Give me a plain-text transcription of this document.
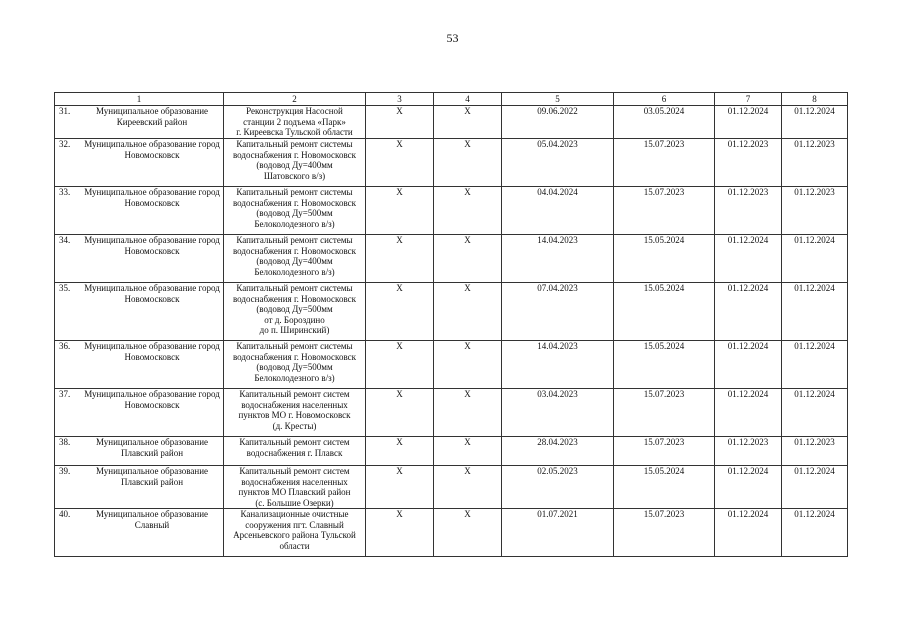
53
1	2	3	4	5	6	7	8
31. Муниципальное образование Киреевский район	Реконструкция Насосной
станции 2 подъема «Парк»
г. Киреевска Тульской области	Х	Х	09.06.2022	03.05.2024	01.12.2024	01.12.2024
32. Муниципальное образование город Новомосковск	Капитальный ремонт системы
водоснабжения г. Новомосковск
(водовод Ду=400мм
Шатовского в/з)	Х	Х	05.04.2023	15.07.2023	01.12.2023	01.12.2023
33. Муниципальное образование город Новомосковск	Капитальный ремонт системы
водоснабжения г. Новомосковск
(водовод Ду=500мм
Белоколодезного в/з)	Х	Х	04.04.2024	15.07.2023	01.12.2023	01.12.2023
34. Муниципальное образование город Новомосковск	Капитальный ремонт системы
водоснабжения г. Новомосковск
(водовод Ду=400мм
Белоколодезного в/з)	Х	Х	14.04.2023	15.05.2024	01.12.2024	01.12.2024
35. Муниципальное образование город Новомосковск	Капитальный ремонт системы
водоснабжения г. Новомосковск
(водовод Ду=500мм
от д. Бороздино
до п. Ширинский)	Х	Х	07.04.2023	15.05.2024	01.12.2024	01.12.2024
36. Муниципальное образование город Новомосковск	Капитальный ремонт системы
водоснабжения г. Новомосковск
(водовод Ду=500мм
Белоколодезного в/з)	Х	Х	14.04.2023	15.05.2024	01.12.2024	01.12.2024
37. Муниципальное образование город Новомосковск	Капитальный ремонт систем
водоснабжения населенных
пунктов МО г. Новомосковск
(д. Кресты)	Х	Х	03.04.2023	15.07.2023	01.12.2024	01.12.2024
38. Муниципальное образование Плавский район	Капитальный ремонт систем
водоснабжения г. Плавск	Х	Х	28.04.2023	15.07.2023	01.12.2023	01.12.2023
39. Муниципальное образование Плавский район	Капитальный ремонт систем
водоснабжения населенных
пунктов МО Плавский район
(с. Большие Озерки)	Х	Х	02.05.2023	15.05.2024	01.12.2024	01.12.2024
40. Муниципальное образование Славный	Канализационные очистные
сооружения пгт. Славный
Арсеньевского района Тульской
области	Х	Х	01.07.2021	15.07.2023	01.12.2024	01.12.2024
